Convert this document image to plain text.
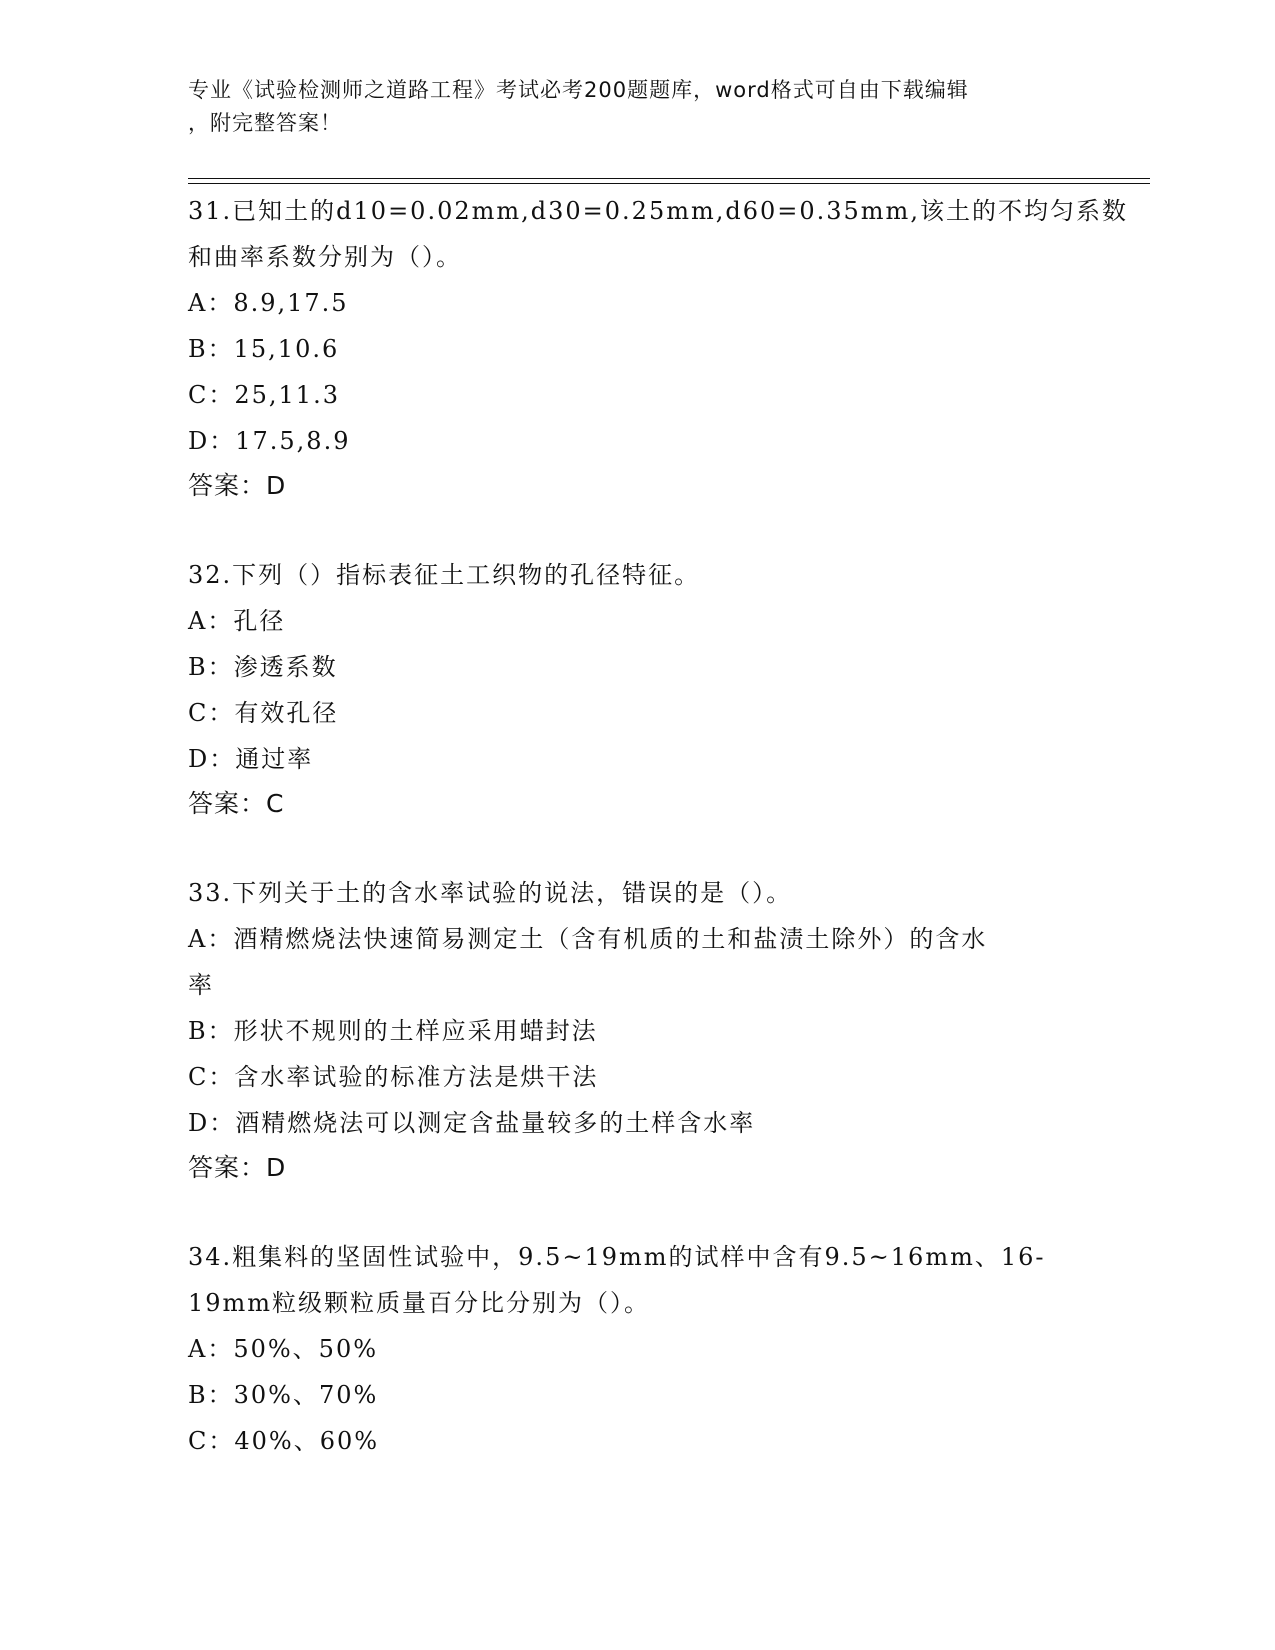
专业《试验检测师之道路工程》考试必考200题题库，word格式可自由下载编辑
，附完整答案！
31.已知土的d10=0.02mm,d30=0.25mm,d60=0.35mm,该土的不均匀系数
和曲率系数分别为（）。
A：8.9,17.5
B：15,10.6
C：25,11.3
D：17.5,8.9
答案：D
32.下列（）指标表征土工织物的孔径特征。
A：孔径
B：渗透系数
C：有效孔径
D：通过率
答案：C
33.下列关于土的含水率试验的说法，错误的是（）。
A：酒精燃烧法快速简易测定土（含有机质的土和盐渍土除外）的含水
率
B：形状不规则的土样应采用蜡封法
C：含水率试验的标准方法是烘干法
D：酒精燃烧法可以测定含盐量较多的土样含水率
答案：D
34.粗集料的坚固性试验中，9.5~19mm的试样中含有9.5~16mm、16-
19mm粒级颗粒质量百分比分别为（）。
A：50%、50%
B：30%、70%
C：40%、60%
